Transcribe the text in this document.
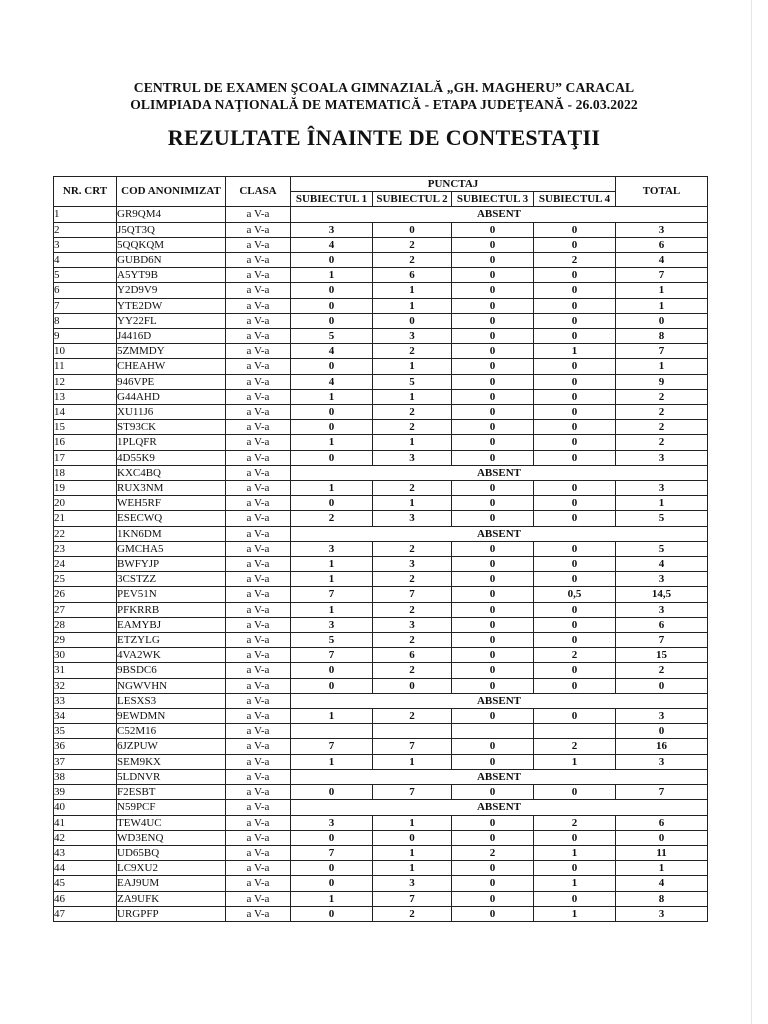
CENTRUL DE EXAMEN ŞCOALA GIMNAZIALĂ „GH. MAGHERU” CARACAL
OLIMPIADA NAŢIONALĂ DE MATEMATICĂ - ETAPA JUDEŢEANĂ - 26.03.2022
REZULTATE ÎNAINTE DE CONTESTAŢII
NR. CRT	COD ANONIMIZAT	CLASA	PUNCTAJ				TOTAL
			SUBIECTUL 1	SUBIECTUL 2	SUBIECTUL 3	SUBIECTUL 4	
1	GR9QM4	a V-a	ABSENT				
2	J5QT3Q	a V-a	3	0	0	0	3
3	5QQKQM	a V-a	4	2	0	0	6
4	GUBD6N	a V-a	0	2	0	2	4
5	A5YT9B	a V-a	1	6	0	0	7
6	Y2D9V9	a V-a	0	1	0	0	1
7	YTE2DW	a V-a	0	1	0	0	1
8	YY22FL	a V-a	0	0	0	0	0
9	J4416D	a V-a	5	3	0	0	8
10	5ZMMDY	a V-a	4	2	0	1	7
11	CHEAHW	a V-a	0	1	0	0	1
12	946VPE	a V-a	4	5	0	0	9
13	G44AHD	a V-a	1	1	0	0	2
14	XU11J6	a V-a	0	2	0	0	2
15	ST93CK	a V-a	0	2	0	0	2
16	1PLQFR	a V-a	1	1	0	0	2
17	4D55K9	a V-a	0	3	0	0	3
18	KXC4BQ	a V-a	ABSENT				
19	RUX3NM	a V-a	1	2	0	0	3
20	WEH5RF	a V-a	0	1	0	0	1
21	ESECWQ	a V-a	2	3	0	0	5
22	1KN6DM	a V-a	ABSENT				
23	GMCHA5	a V-a	3	2	0	0	5
24	BWFYJP	a V-a	1	3	0	0	4
25	3CSTZZ	a V-a	1	2	0	0	3
26	PEV51N	a V-a	7	7	0	0,5	14,5
27	PFKRRB	a V-a	1	2	0	0	3
28	EAMYBJ	a V-a	3	3	0	0	6
29	ETZYLG	a V-a	5	2	0	0	7
30	4VA2WK	a V-a	7	6	0	2	15
31	9BSDC6	a V-a	0	2	0	0	2
32	NGWVHN	a V-a	0	0	0	0	0
33	LESXS3	a V-a	ABSENT				
34	9EWDMN	a V-a	1	2	0	0	3
35	C52M16	a V-a					0
36	6JZPUW	a V-a	7	7	0	2	16
37	SEM9KX	a V-a	1	1	0	1	3
38	5LDNVR	a V-a	ABSENT				
39	F2ESBT	a V-a	0	7	0	0	7
40	N59PCF	a V-a	ABSENT				
41	TEW4UC	a V-a	3	1	0	2	6
42	WD3ENQ	a V-a	0	0	0	0	0
43	UD65BQ	a V-a	7	1	2	1	11
44	LC9XU2	a V-a	0	1	0	0	1
45	EAJ9UM	a V-a	0	3	0	1	4
46	ZA9UFK	a V-a	1	7	0	0	8
47	URGPFP	a V-a	0	2	0	1	3
